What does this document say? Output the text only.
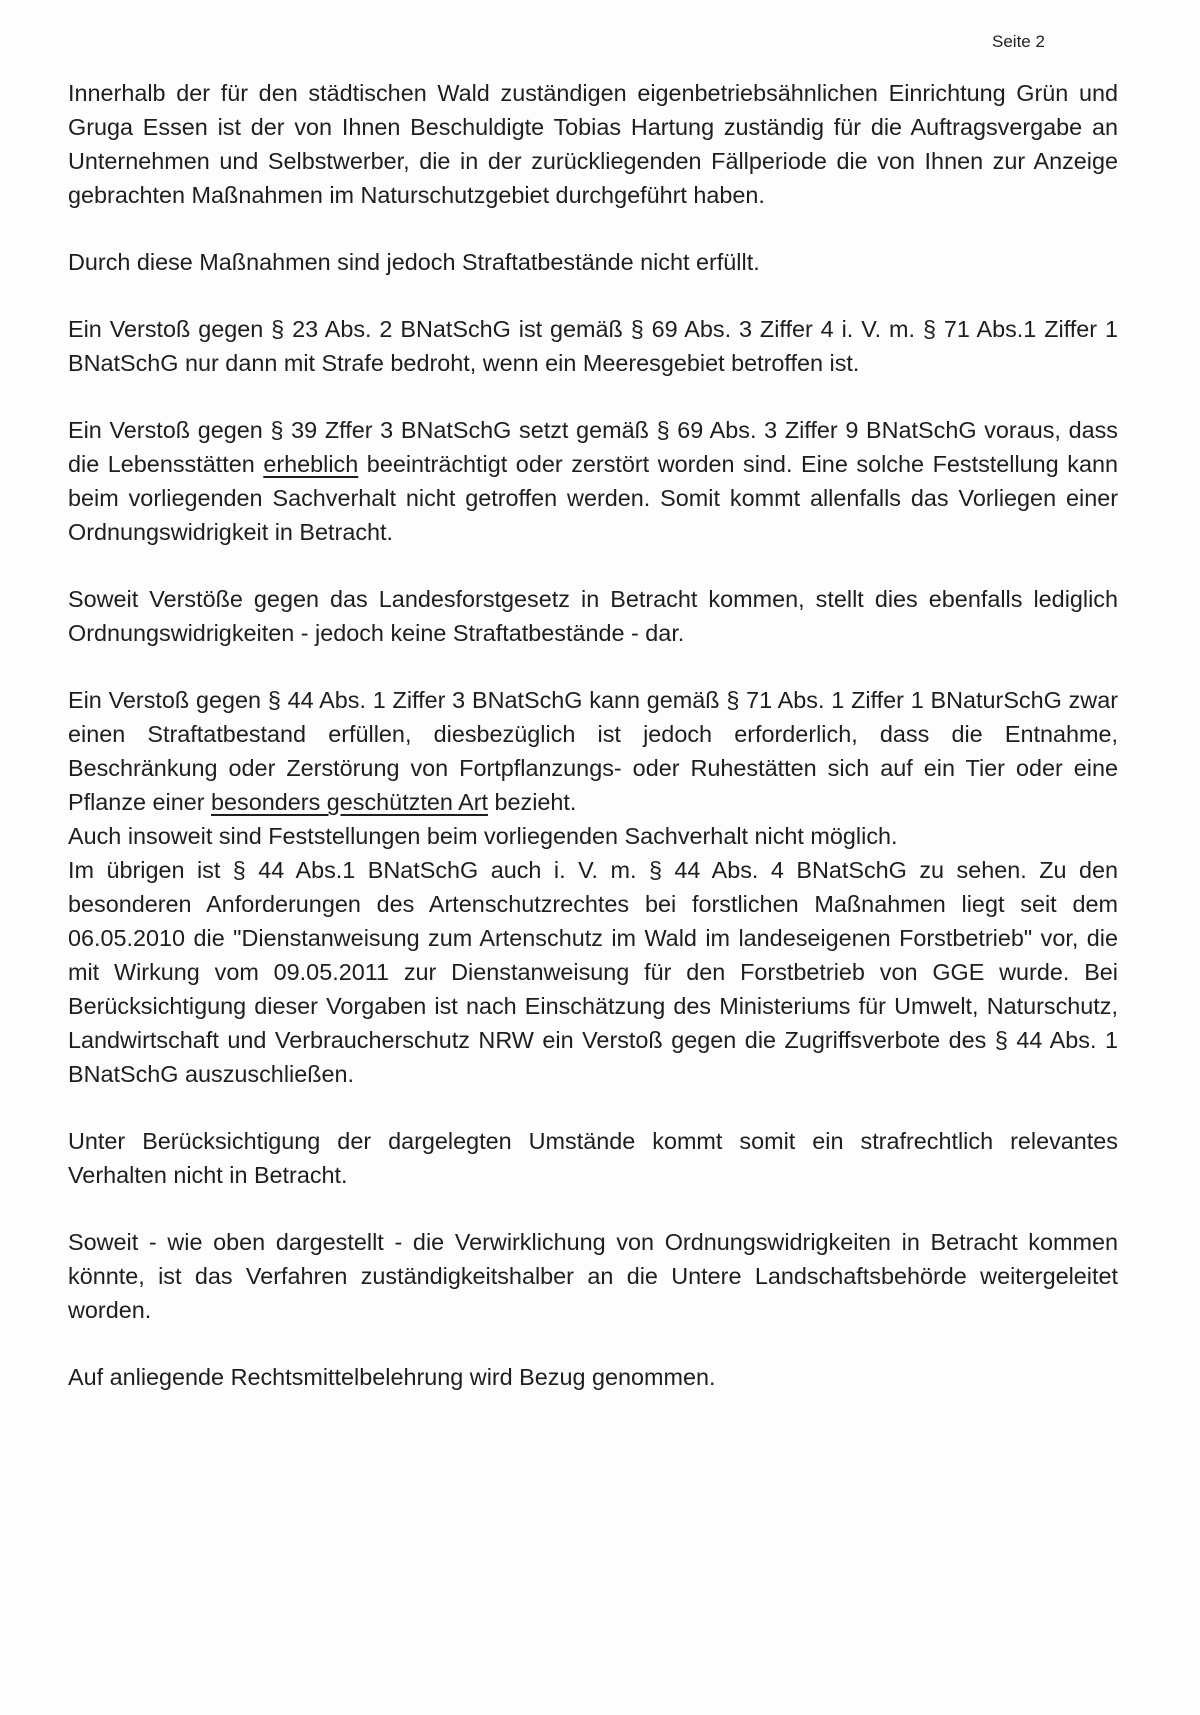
Seite 2

Innerhalb der für den städtischen Wald zuständigen eigenbetriebsähnlichen Einrichtung Grün und Gruga Essen ist der von Ihnen Beschuldigte Tobias Hartung zuständig für die Auftragsvergabe an Unternehmen und Selbstwerber, die in der zurückliegenden Fällperiode die von Ihnen zur Anzeige gebrachten Maßnahmen im Naturschutzgebiet durchgeführt haben.

Durch diese Maßnahmen sind jedoch Straftatbestände nicht erfüllt.

Ein Verstoß gegen § 23 Abs. 2 BNatSchG ist gemäß § 69 Abs. 3 Ziffer 4 i. V. m. § 71 Abs.1 Ziffer 1 BNatSchG nur dann mit Strafe bedroht, wenn ein Meeresgebiet betroffen ist.

Ein Verstoß gegen § 39 Zffer 3 BNatSchG setzt gemäß § 69 Abs. 3 Ziffer 9 BNatSchG voraus, dass die Lebensstätten erheblich beeinträchtigt oder zerstört worden sind. Eine solche Feststellung kann beim vorliegenden Sachverhalt nicht getroffen werden. Somit kommt allenfalls das Vorliegen einer Ordnungswidrigkeit in Betracht.

Soweit Verstöße gegen das Landesforstgesetz in Betracht kommen, stellt dies ebenfalls lediglich Ordnungswidrigkeiten - jedoch keine Straftatbestände - dar.

Ein Verstoß gegen § 44 Abs. 1 Ziffer 3 BNatSchG kann gemäß § 71 Abs. 1 Ziffer 1 BNaturSchG zwar einen Straftatbestand erfüllen, diesbezüglich ist jedoch erforderlich, dass die Entnahme, Beschränkung oder Zerstörung von Fortpflanzungs- oder Ruhestätten sich auf ein Tier oder eine Pflanze einer besonders geschützten Art bezieht.

Auch insoweit sind Feststellungen beim vorliegenden Sachverhalt nicht möglich.

Im übrigen ist § 44 Abs.1 BNatSchG auch i. V. m. § 44 Abs. 4 BNatSchG zu sehen. Zu den besonderen Anforderungen des Artenschutzrechtes bei forstlichen Maßnahmen liegt seit dem 06.05.2010 die "Dienstanweisung zum Artenschutz im Wald im landeseigenen Forstbetrieb" vor, die mit Wirkung vom 09.05.2011 zur Dienstanweisung für den Forstbetrieb von GGE wurde. Bei Berücksichtigung dieser Vorgaben ist nach Einschätzung des Ministeriums für Umwelt, Naturschutz, Landwirtschaft und Verbraucherschutz NRW ein Verstoß gegen die Zugriffsverbote des § 44 Abs. 1 BNatSchG auszuschließen.

Unter Berücksichtigung der dargelegten Umstände kommt somit ein strafrechtlich relevantes Verhalten nicht in Betracht.

Soweit - wie oben dargestellt - die Verwirklichung von Ordnungswidrigkeiten in Betracht kommen könnte, ist das Verfahren zuständigkeitshalber an die Untere Landschaftsbehörde weitergeleitet worden.

Auf anliegende Rechtsmittelbelehrung wird Bezug genommen.
